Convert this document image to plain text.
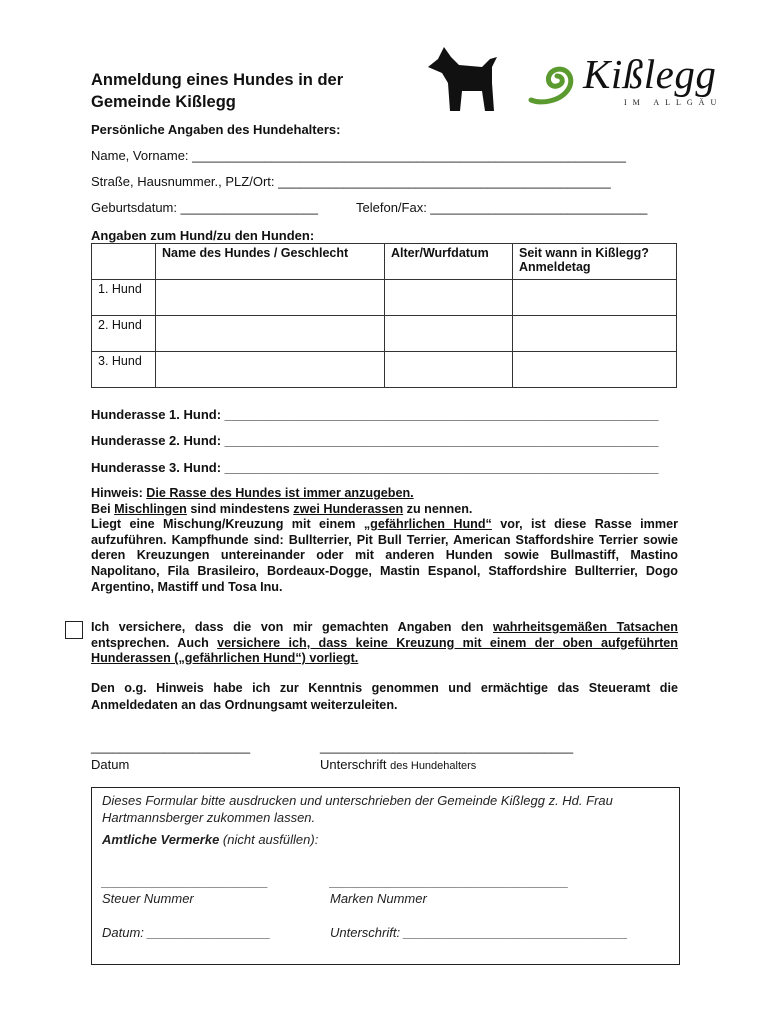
Anmeldung eines Hundes in der
Gemeinde Kißlegg
Kißlegg
IM ALLGÄU
Persönliche Angaben des Hundehalters:
Name, Vorname: ____________________________________________________________
Straße, Hausnummer., PLZ/Ort: ______________________________________________
Geburtsdatum: ___________________	Telefon/Fax: ______________________________
Angaben zum Hund/zu den Hunden:
	Name des Hundes / Geschlecht	Alter/Wurfdatum	Seit wann in Kißlegg? Anmeldetag
1. Hund			
2. Hund			
3. Hund			
Hunderasse 1. Hund: ____________________________________________________________
Hunderasse 2. Hund: ____________________________________________________________
Hunderasse 3. Hund: ____________________________________________________________
Hinweis: Die Rasse des Hundes ist immer anzugeben.
Bei Mischlingen sind mindestens zwei Hunderassen zu nennen.
Liegt eine Mischung/Kreuzung mit einem „gefährlichen Hund“ vor, ist diese Rasse immer aufzuführen. Kampfhunde sind: Bullterrier, Pit Bull Terrier, American Staffordshire Terrier sowie deren Kreuzungen untereinander oder mit anderen Hunden sowie Bullmastiff, Mastino Napolitano, Fila Brasileiro, Bordeaux-Dogge, Mastin Espanol, Staffordshire Bullterrier, Dogo Argentino, Mastiff und Tosa Inu.
Ich versichere, dass die von mir gemachten Angaben den wahrheitsgemäßen Tatsachen entsprechen. Auch versichere ich, dass keine Kreuzung mit einem der oben aufgeführten Hunderassen („gefährlichen Hund“) vorliegt.
Den o.g. Hinweis habe ich zur Kenntnis genommen und ermächtige das Steueramt die Anmeldedaten an das Ordnungsamt weiterzuleiten.
______________________	___________________________________
Datum	Unterschrift des Hundehalters
Dieses Formular bitte ausdrucken und unterschrieben der Gemeinde Kißlegg z. Hd. Frau Hartmannsberger zukommen lassen.
Amtliche Vermerke (nicht ausfüllen):
_______________________	_________________________________
Steuer Nummer	Marken Nummer
Datum: _________________	Unterschrift: _______________________________
